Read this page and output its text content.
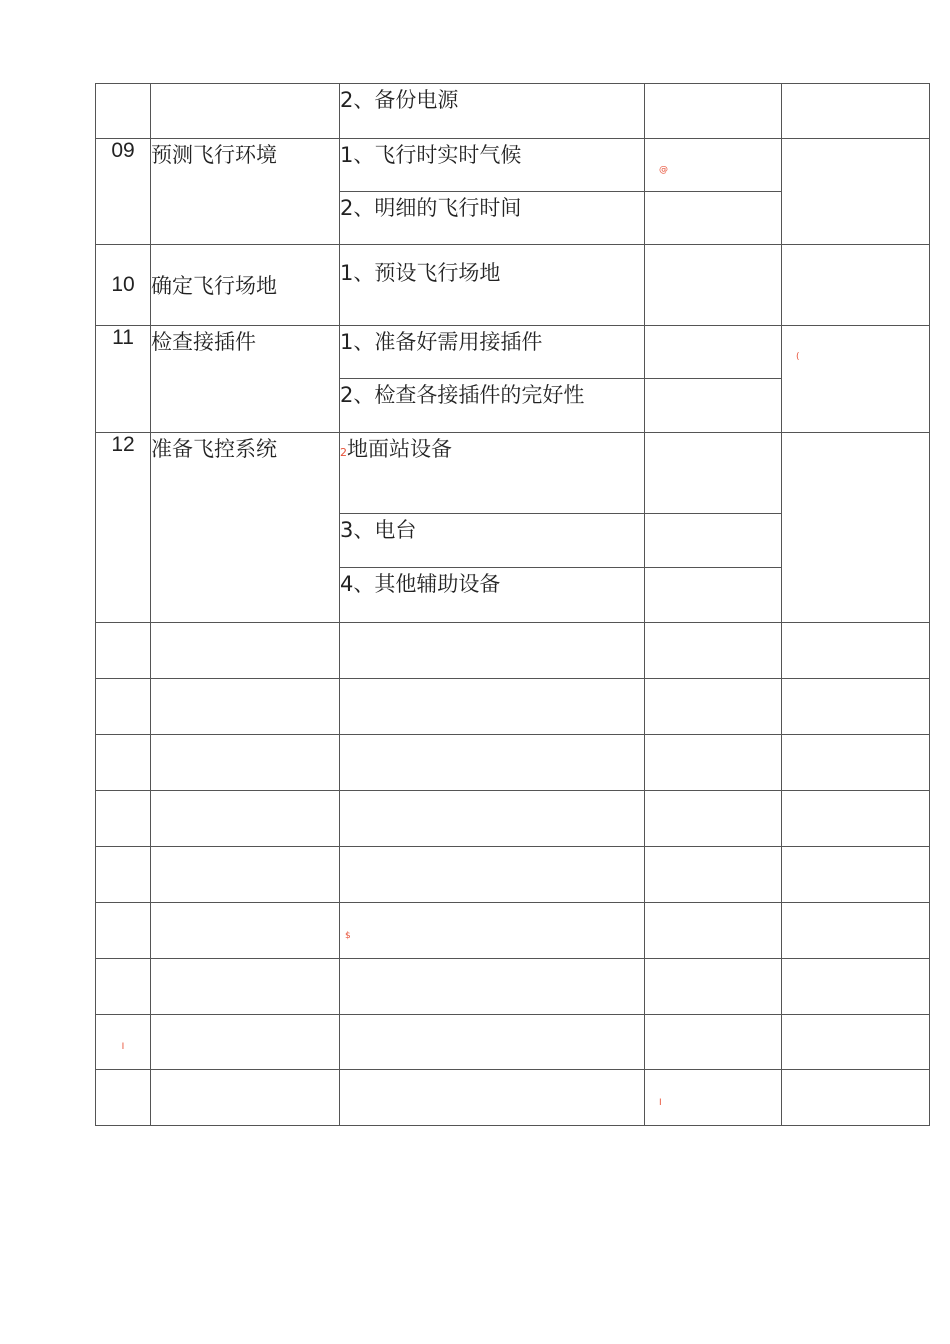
		2、备份电源		
09	预测飞行环境	1、飞行时实时气候	@	
		2、明细的飞行时间		
10	确定飞行场地	1、预设飞行场地		
11	检查接插件	1、准备好需用接插件		(
		2、检查各接插件的完好性		
12	准备飞控系统	2地面站设备		
		3、电台		
		4、其他辅助设备		

		$		

I				
			I	
